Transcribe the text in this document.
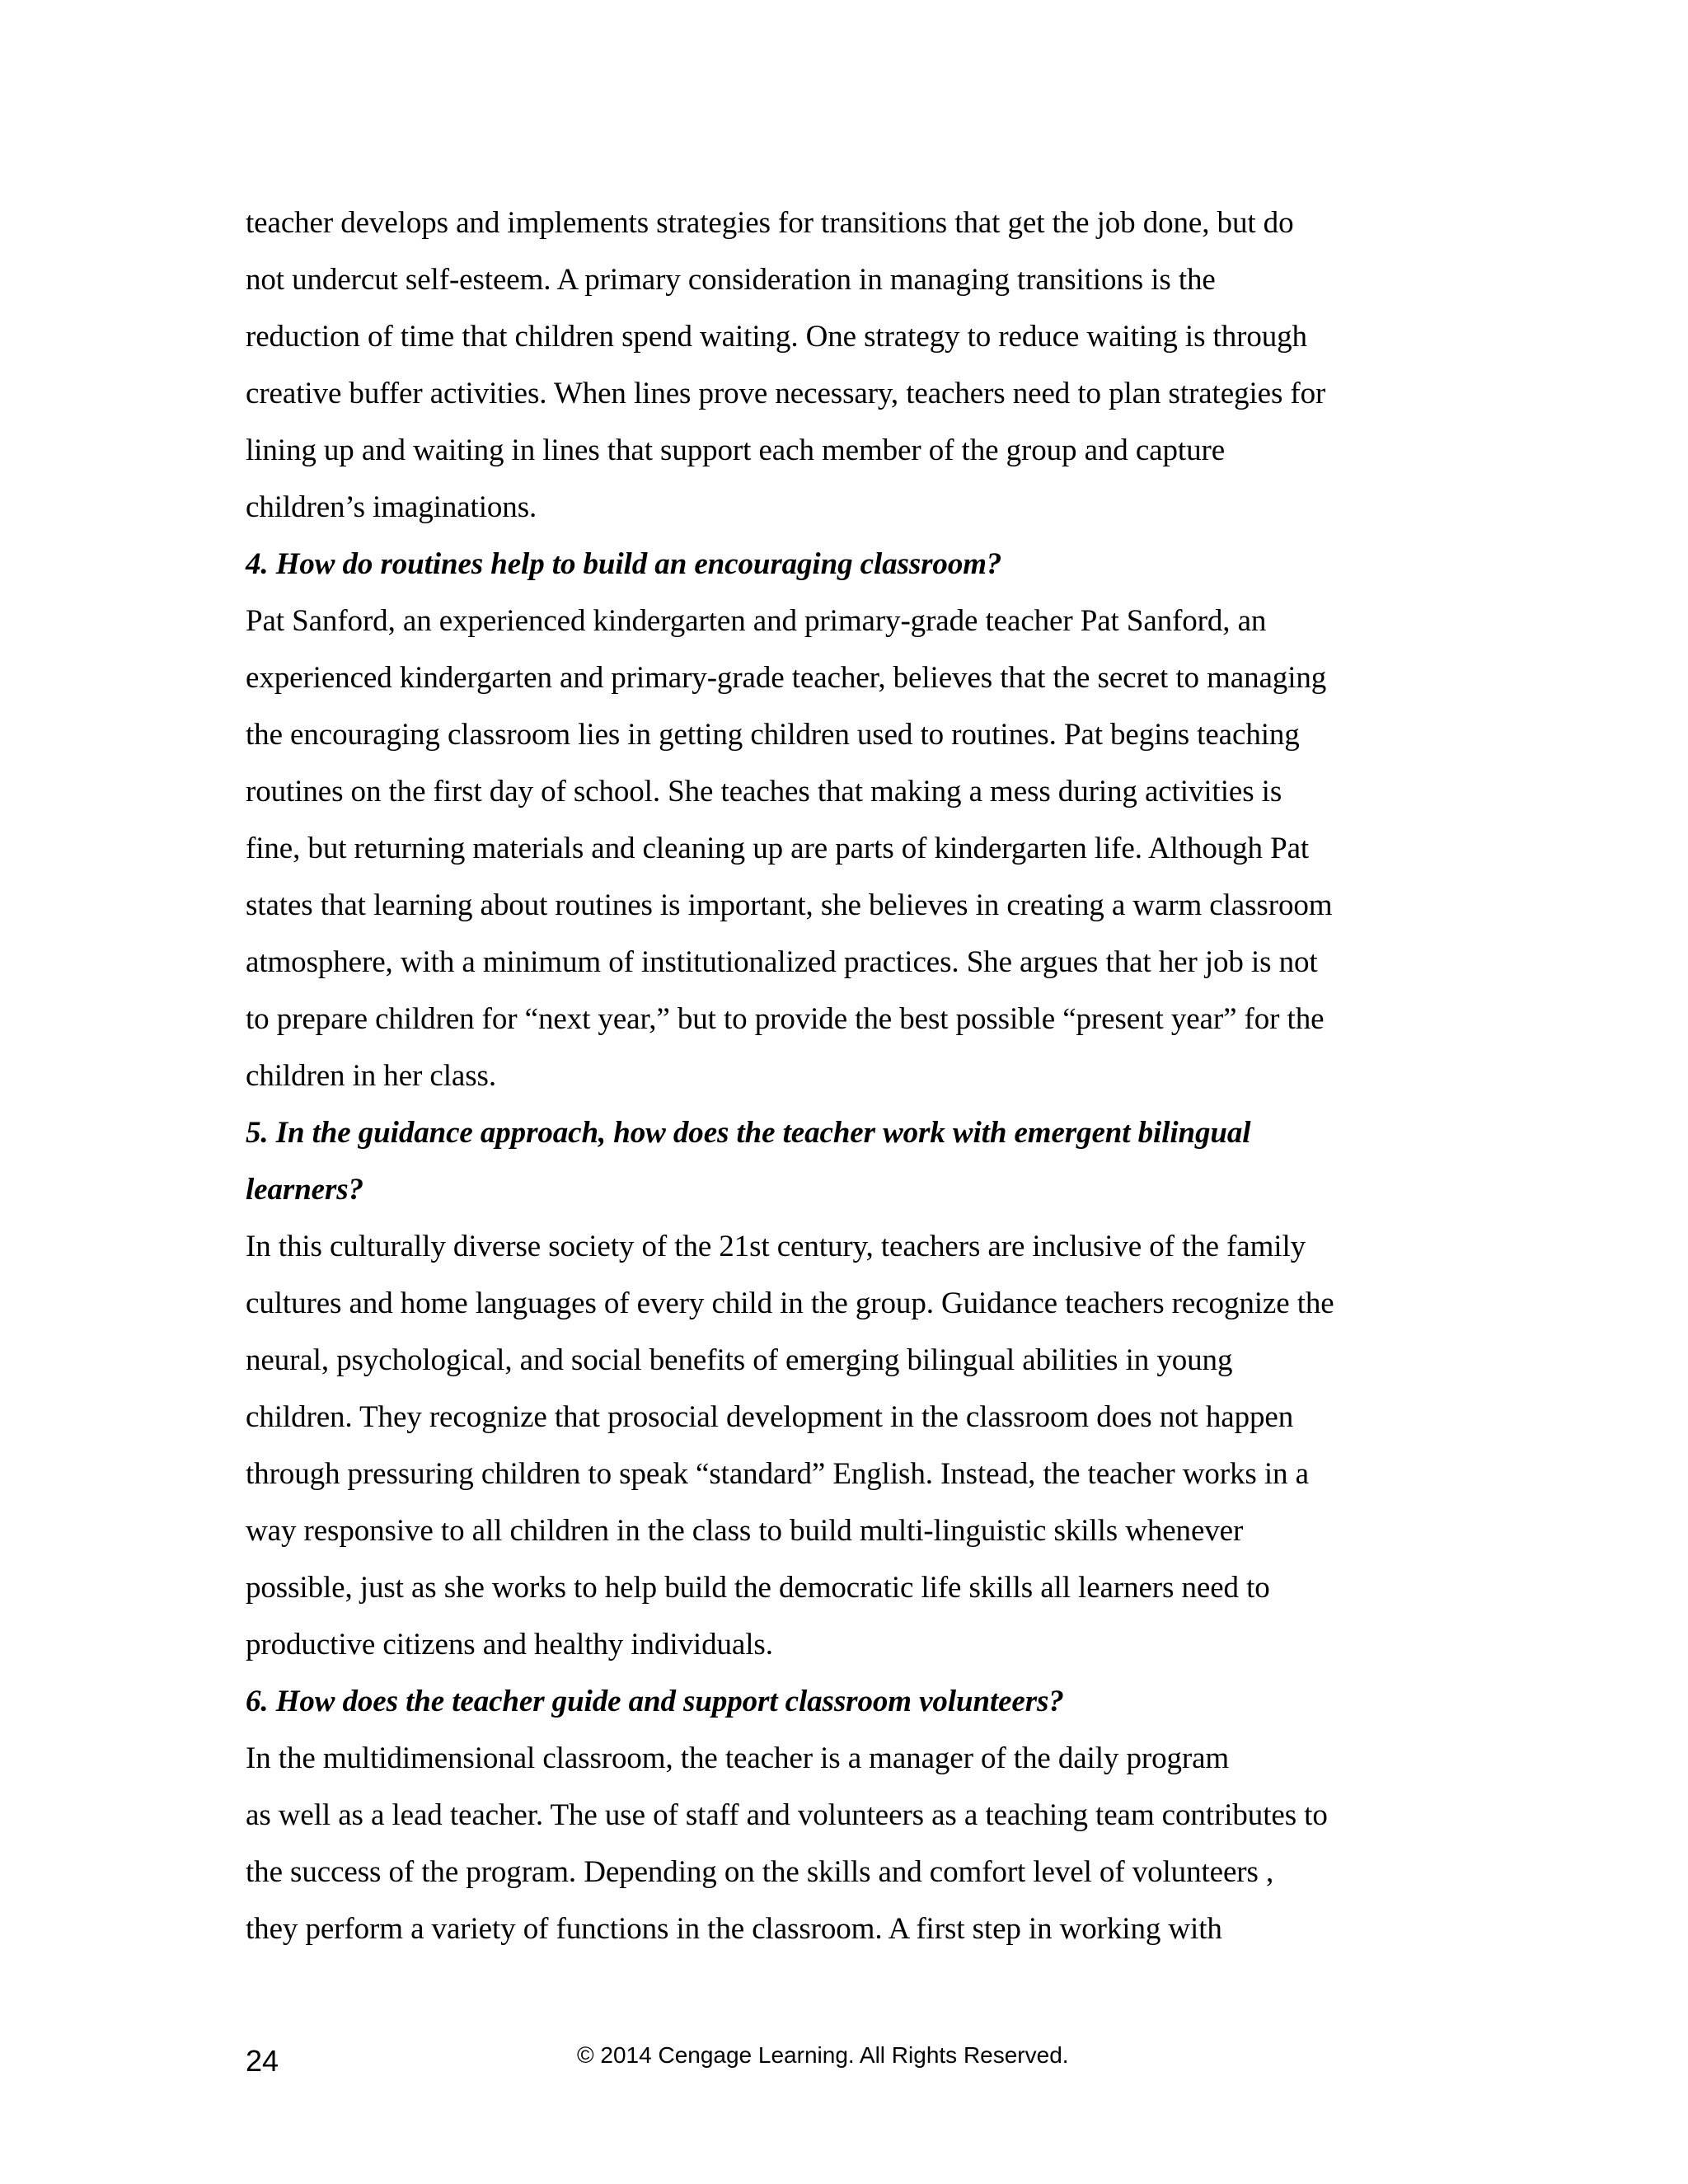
teacher develops and implements strategies for transitions that get the job done, but do
not undercut self-esteem. A primary consideration in managing transitions is the
reduction of time that children spend waiting. One strategy to reduce waiting is through
creative buffer activities. When lines prove necessary, teachers need to plan strategies for
lining up and waiting in lines that support each member of the group and capture
children’s imaginations.
4. How do routines help to build an encouraging classroom?
Pat Sanford, an experienced kindergarten and primary-grade teacher Pat Sanford, an
experienced kindergarten and primary-grade teacher, believes that the secret to managing
the encouraging classroom lies in getting children used to routines. Pat begins teaching
routines on the first day of school. She teaches that making a mess during activities is
fine, but returning materials and cleaning up are parts of kindergarten life. Although Pat
states that learning about routines is important, she believes in creating a warm classroom
atmosphere, with a minimum of institutionalized practices. She argues that her job is not
to prepare children for “next year,” but to provide the best possible “present year” for the
children in her class.
5. In the guidance approach, how does the teacher work with emergent bilingual
learners?
In this culturally diverse society of the 21st century, teachers are inclusive of the family
cultures and home languages of every child in the group. Guidance teachers recognize the
neural, psychological, and social benefits of emerging bilingual abilities in young
children. They recognize that prosocial development in the classroom does not happen
through pressuring children to speak “standard” English. Instead, the teacher works in a
way responsive to all children in the class to build multi-linguistic skills whenever
possible, just as she works to help build the democratic life skills all learners need to
productive citizens and healthy individuals.
6. How does the teacher guide and support classroom volunteers?
In the multidimensional classroom, the teacher is a manager of the daily program
as well as a lead teacher. The use of staff and volunteers as a teaching team contributes to
the success of the program. Depending on the skills and comfort level of volunteers ,
they perform a variety of functions in the classroom. A first step in working with
24	© 2014 Cengage Learning. All Rights Reserved.
